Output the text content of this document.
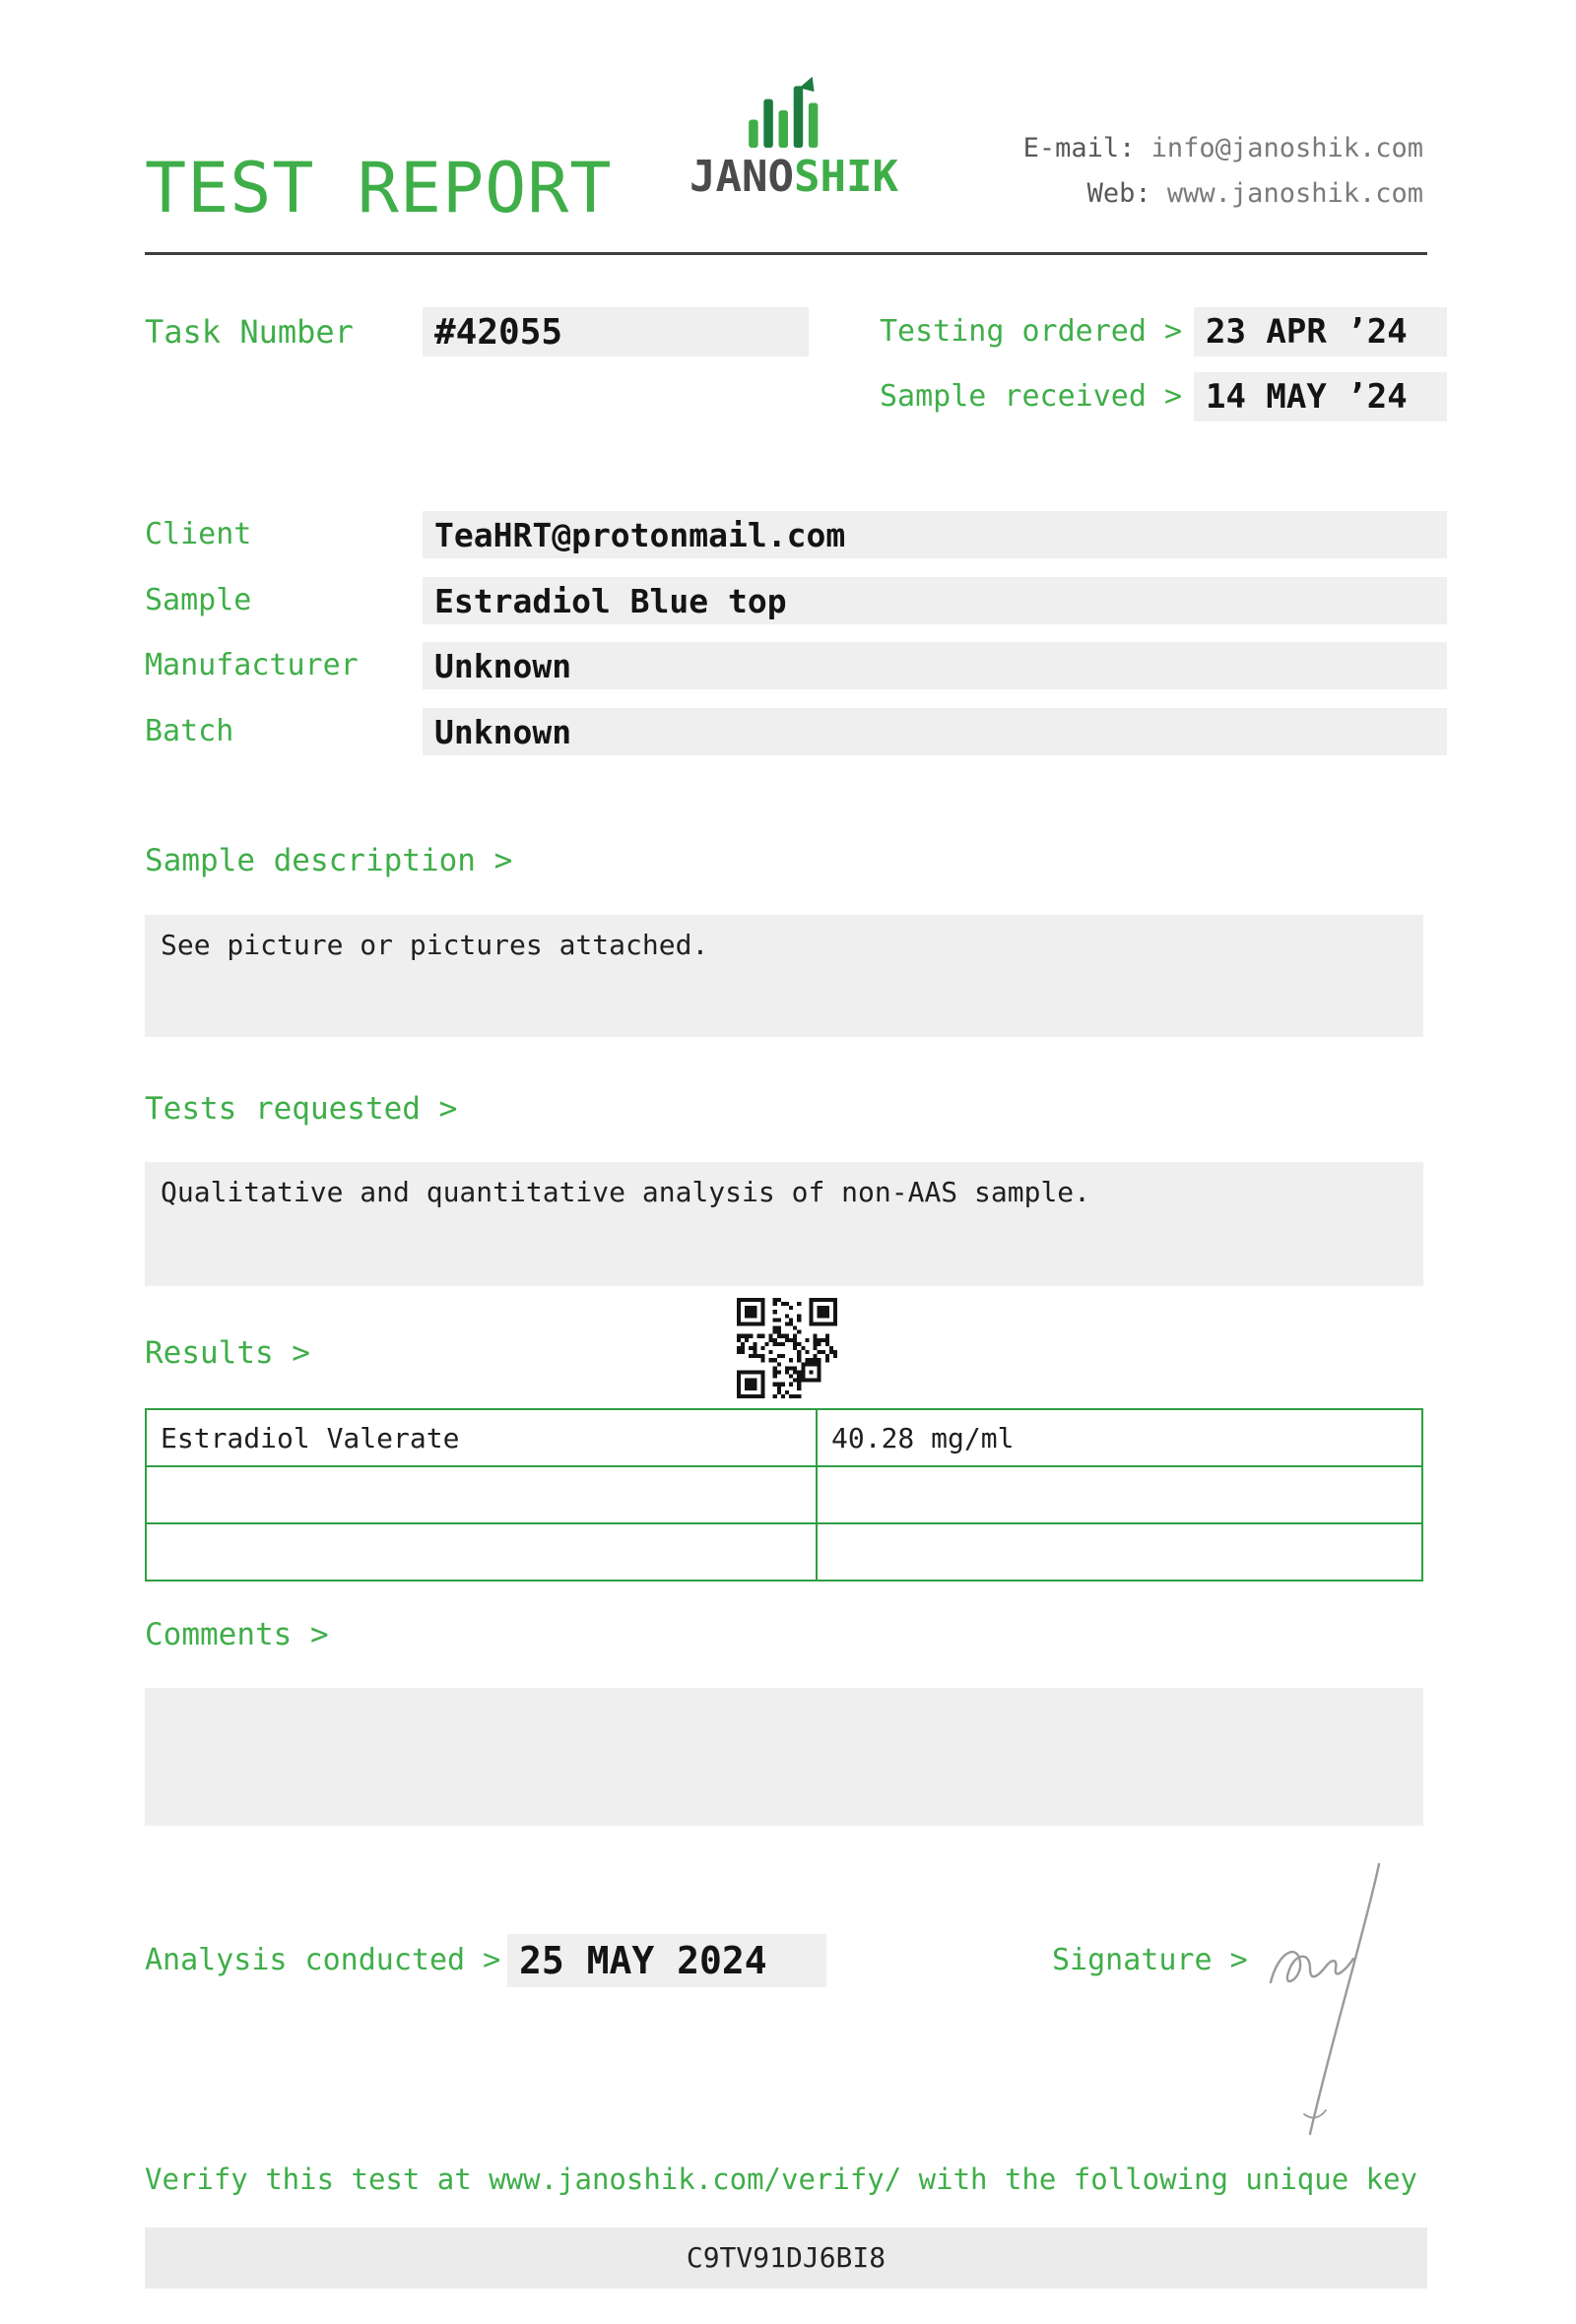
TEST REPORT JANOSHIK
E-mail: info@janoshik.com
Web: www.janoshik.com
Task Number	#42055	Testing ordered > 23 APR ’24
Sample received > 14 MAY ’24
Client	TeaHRT@protonmail.com
Sample	Estradiol Blue top
Manufacturer	Unknown
Batch	Unknown
Sample description >
See picture or pictures attached.
Tests requested >
Qualitative and quantitative analysis of non-AAS sample.
Results >
Estradiol Valerate	40.28 mg/ml

Comments >
Analysis conducted > 25 MAY 2024	Signature >
Verify this test at www.janoshik.com/verify/ with the following unique key
C9TV91DJ6BI8
